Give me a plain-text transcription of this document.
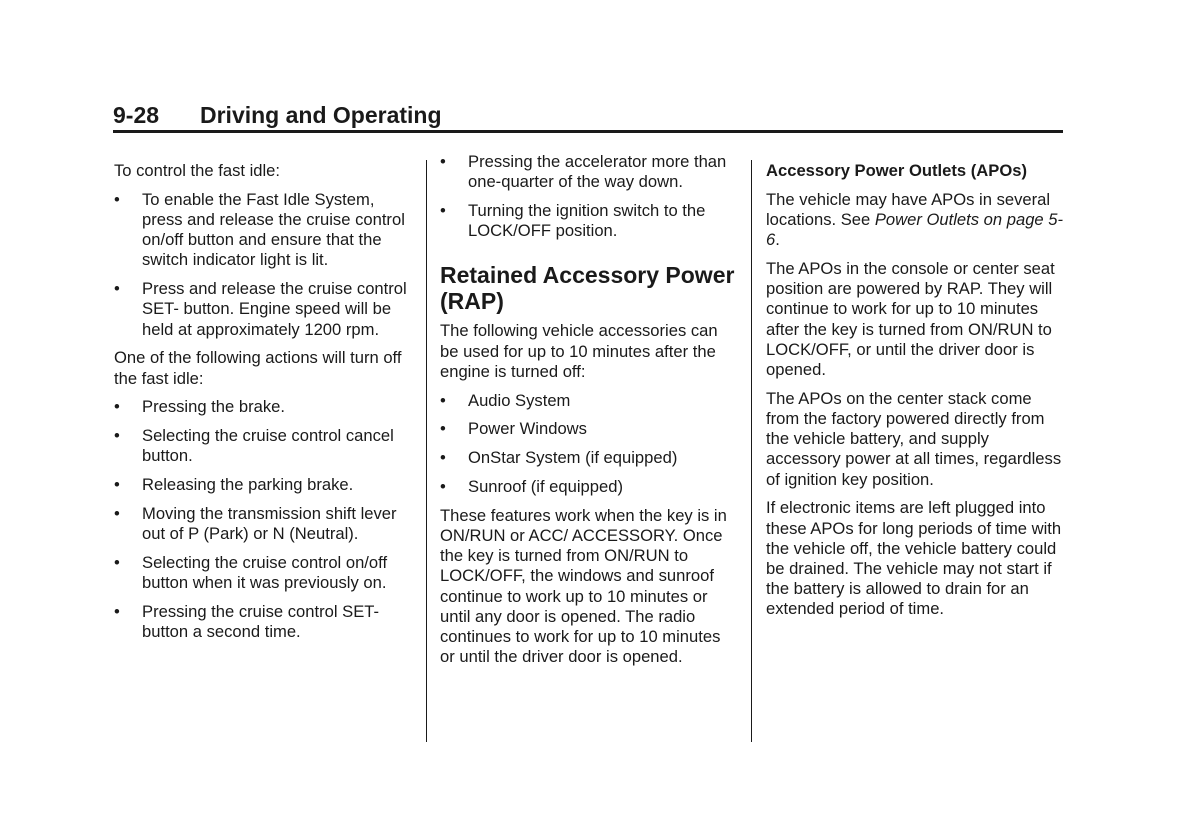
9-28 Driving and Operating

To control the fast idle:

• To enable the Fast Idle System, press and release the cruise control on/off button and ensure that the switch indicator light is lit.
• Press and release the cruise control SET- button. Engine speed will be held at approximately 1200 rpm.

One of the following actions will turn off the fast idle:

• Pressing the brake.
• Selecting the cruise control cancel button.
• Releasing the parking brake.
• Moving the transmission shift lever out of P (Park) or N (Neutral).
• Selecting the cruise control on/off button when it was previously on.
• Pressing the cruise control SET- button a second time.
• Pressing the accelerator more than one-quarter of the way down.
• Turning the ignition switch to the LOCK/OFF position.
Retained Accessory Power (RAP)

The following vehicle accessories can be used for up to 10 minutes after the engine is turned off:

• Audio System
• Power Windows
• OnStar System (if equipped)
• Sunroof (if equipped)

These features work when the key is in ON/RUN or ACC/ ACCESSORY. Once the key is turned from ON/RUN to LOCK/OFF, the windows and sunroof continue to work up to 10 minutes or until any door is opened. The radio continues to work for up to 10 minutes or until the driver door is opened.

Accessory Power Outlets (APOs)

The vehicle may have APOs in several locations. See Power Outlets on page 5-6.

The APOs in the console or center seat position are powered by RAP. They will continue to work for up to 10 minutes after the key is turned from ON/RUN to LOCK/OFF, or until the driver door is opened.

The APOs on the center stack come from the factory powered directly from the vehicle battery, and supply accessory power at all times, regardless of ignition key position.

If electronic items are left plugged into these APOs for long periods of time with the vehicle off, the vehicle battery could be drained. The vehicle may not start if the battery is allowed to drain for an extended period of time.
